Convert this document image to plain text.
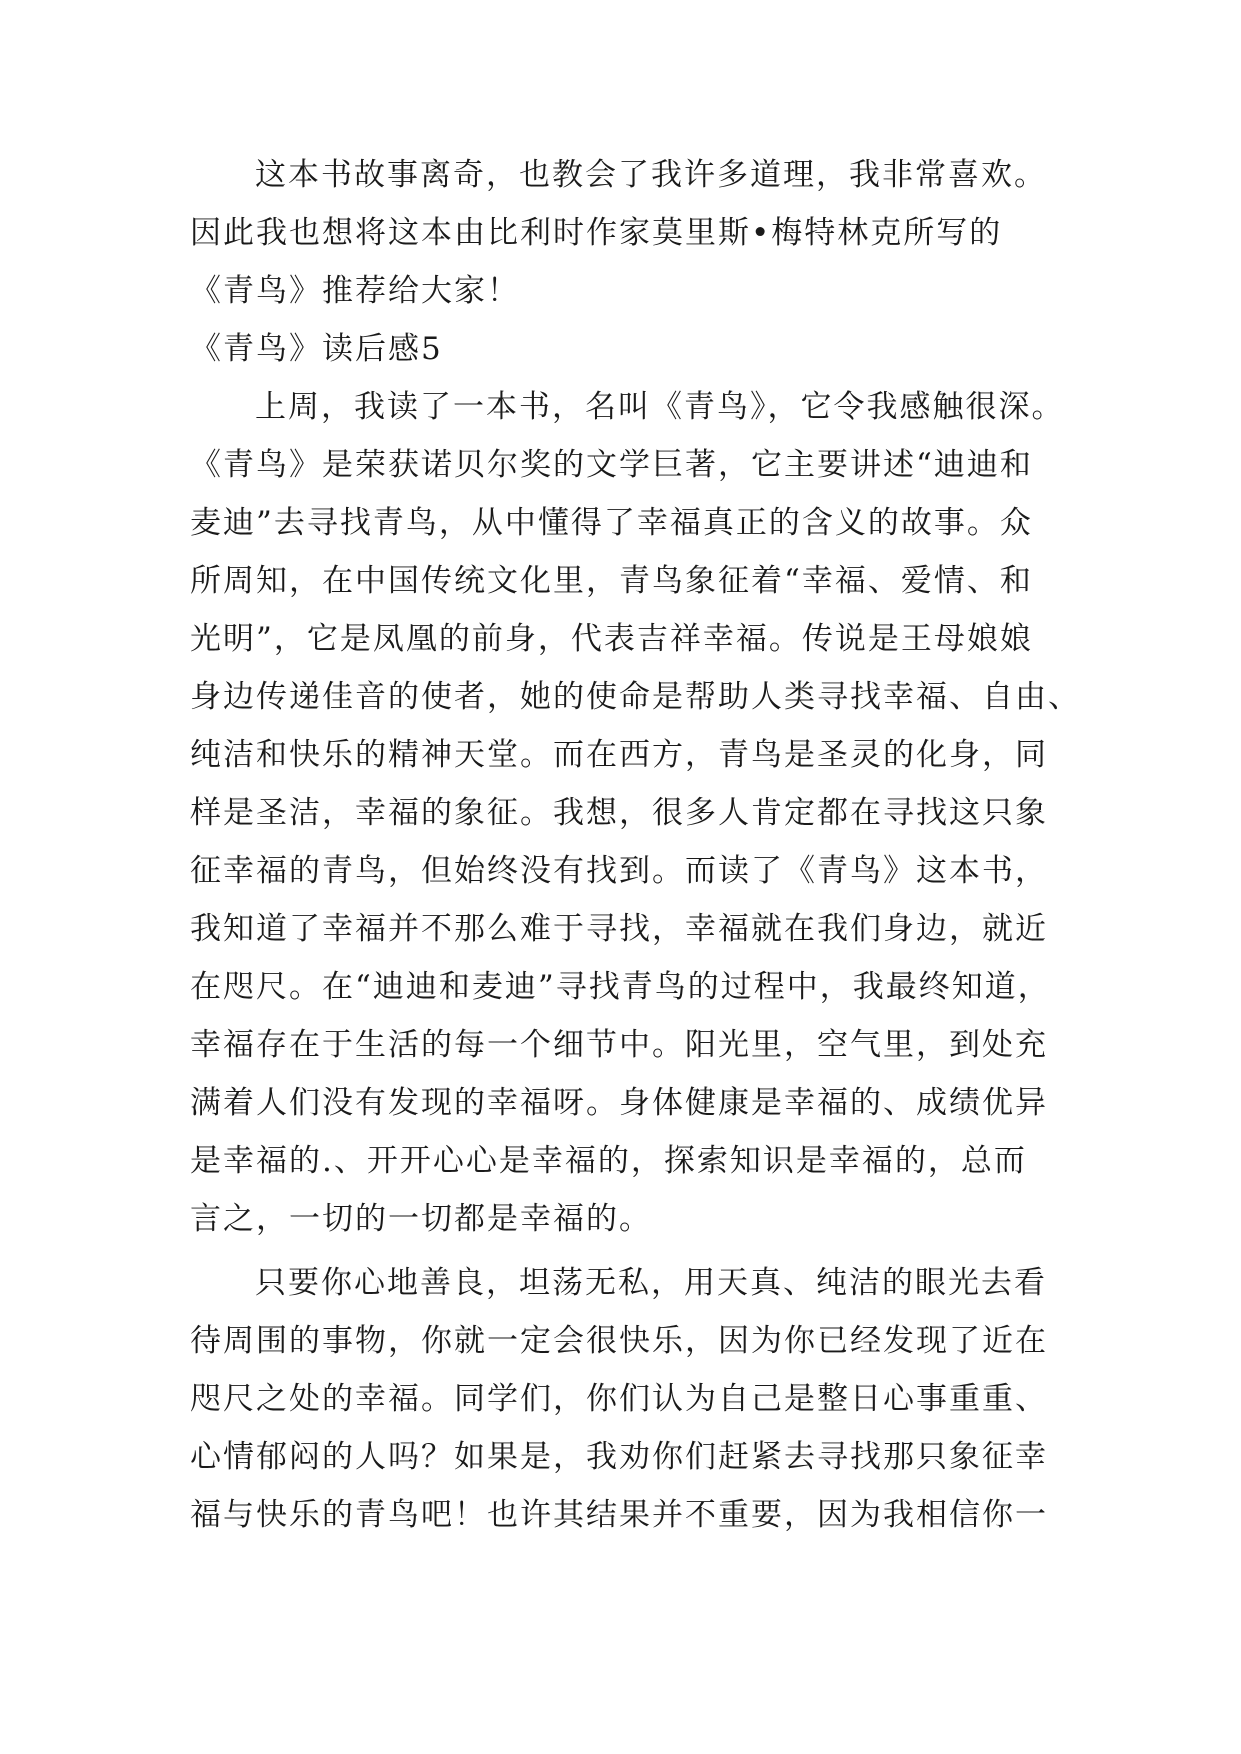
这本书故事离奇，也教会了我许多道理，我非常喜欢。
因此我也想将这本由比利时作家莫里斯•梅特林克所写的
《青鸟》推荐给大家！
《青鸟》读后感5
上周，我读了一本书，名叫《青鸟》，它令我感触很深。
《青鸟》是荣获诺贝尔奖的文学巨著，它主要讲述“迪迪和
麦迪”去寻找青鸟，从中懂得了幸福真正的含义的故事。众
所周知，在中国传统文化里，青鸟象征着“幸福、爱情、和
光明”，它是凤凰的前身，代表吉祥幸福。传说是王母娘娘
身边传递佳音的使者，她的使命是帮助人类寻找幸福、自由、
纯洁和快乐的精神天堂。而在西方，青鸟是圣灵的化身，同
样是圣洁，幸福的象征。我想，很多人肯定都在寻找这只象
征幸福的青鸟，但始终没有找到。而读了《青鸟》这本书，
我知道了幸福并不那么难于寻找，幸福就在我们身边，就近
在咫尺。在“迪迪和麦迪”寻找青鸟的过程中，我最终知道，
幸福存在于生活的每一个细节中。阳光里，空气里，到处充
满着人们没有发现的幸福呀。身体健康是幸福的、成绩优异
是幸福的.、开开心心是幸福的，探索知识是幸福的，总而
言之，一切的一切都是幸福的。
只要你心地善良，坦荡无私，用天真、纯洁的眼光去看
待周围的事物，你就一定会很快乐，因为你已经发现了近在
咫尺之处的幸福。同学们，你们认为自己是整日心事重重、
心情郁闷的人吗？如果是，我劝你们赶紧去寻找那只象征幸
福与快乐的青鸟吧！也许其结果并不重要，因为我相信你一
